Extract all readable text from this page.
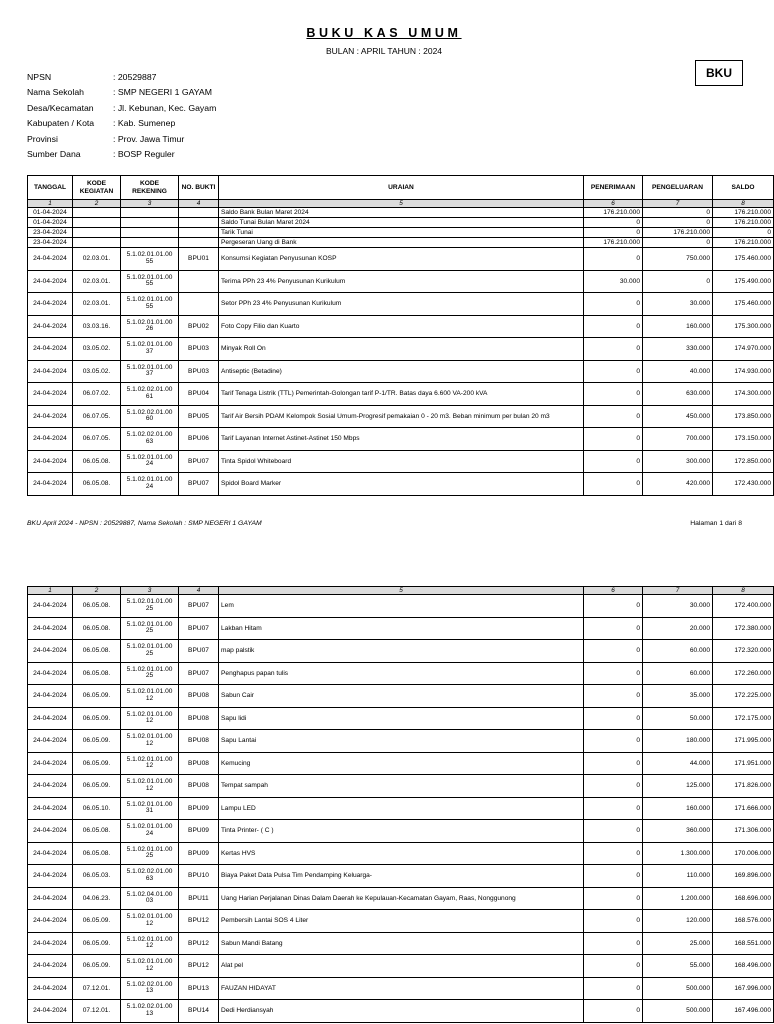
BUKU KAS UMUM
BULAN : APRIL TAHUN : 2024
BKU
NPSN	: 20529887
Nama Sekolah	: SMP NEGERI 1 GAYAM
Desa/Kecamatan	: Jl. Kebunan, Kec. Gayam
Kabupaten / Kota	: Kab. Sumenep
Provinsi	: Prov. Jawa Timur
Sumber Dana	: BOSP Reguler
TANGGAL	KODE KEGIATAN	KODE REKENING	NO. BUKTI	URAIAN	PENERIMAAN	PENGELUARAN	SALDO
1	2	3	4	5	6	7	8
01-04-2024				Saldo Bank Bulan Maret 2024	176.210.000	0	176.210.000
01-04-2024				Saldo Tunai Bulan Maret 2024	0	0	176.210.000
23-04-2024				Tarik Tunai	0	176.210.000	0
23-04-2024				Pergeseran Uang di Bank	176.210.000	0	176.210.000
24-04-2024	02.03.01.	5.1.02.01.01.00
55	BPU01	Konsumsi Kegiatan Penyusunan KOSP	0	750.000	175.460.000
24-04-2024	02.03.01.	5.1.02.01.01.00
55		Terima PPh 23 4% Penyusunan Kurikulum	30.000	0	175.490.000
24-04-2024	02.03.01.	5.1.02.01.01.00
55		Setor PPh 23 4% Penyusunan Kurikulum	0	30.000	175.460.000
24-04-2024	03.03.16.	5.1.02.01.01.00
26	BPU02	Foto Copy Filio dan Kuarto	0	160.000	175.300.000
24-04-2024	03.05.02.	5.1.02.01.01.00
37	BPU03	Minyak Roll On	0	330.000	174.970.000
24-04-2024	03.05.02.	5.1.02.01.01.00
37	BPU03	Antiseptic (Betadine)	0	40.000	174.930.000
24-04-2024	06.07.02.	5.1.02.02.01.00
61	BPU04	Tarif Tenaga Listrik (TTL) Pemerintah-Golongan tarif P-1/TR. Batas daya 6.600 VA-200 kVA	0	630.000	174.300.000
24-04-2024	06.07.05.	5.1.02.02.01.00
60	BPU05	Tarif Air Bersih PDAM Kelompok Sosial Umum-Progresif pemakaian 0 - 20 m3. Beban minimum per bulan 20 m3	0	450.000	173.850.000
24-04-2024	06.07.05.	5.1.02.02.01.00
63	BPU06	Tarif Layanan Internet Astinet-Astinet 150 Mbps	0	700.000	173.150.000
24-04-2024	06.05.08.	5.1.02.01.01.00
24	BPU07	Tinta Spidol Whiteboard	0	300.000	172.850.000
24-04-2024	06.05.08.	5.1.02.01.01.00
24	BPU07	Spidol Board Marker	0	420.000	172.430.000
BKU April 2024 - NPSN : 20529887, Nama Sekolah : SMP NEGERI 1 GAYAM	Halaman 1 dari 8
1	2	3	4	5	6	7	8
24-04-2024	06.05.08.	5.1.02.01.01.00
25	BPU07	Lem	0	30.000	172.400.000
24-04-2024	06.05.08.	5.1.02.01.01.00
25	BPU07	Lakban Hitam	0	20.000	172.380.000
24-04-2024	06.05.08.	5.1.02.01.01.00
25	BPU07	map palstik	0	60.000	172.320.000
24-04-2024	06.05.08.	5.1.02.01.01.00
25	BPU07	Penghapus papan tulis	0	60.000	172.260.000
24-04-2024	06.05.09.	5.1.02.01.01.00
12	BPU08	Sabun Cair	0	35.000	172.225.000
24-04-2024	06.05.09.	5.1.02.01.01.00
12	BPU08	Sapu lidi	0	50.000	172.175.000
24-04-2024	06.05.09.	5.1.02.01.01.00
12	BPU08	Sapu Lantai	0	180.000	171.995.000
24-04-2024	06.05.09.	5.1.02.01.01.00
12	BPU08	Kemucing	0	44.000	171.951.000
24-04-2024	06.05.09.	5.1.02.01.01.00
12	BPU08	Tempat sampah	0	125.000	171.826.000
24-04-2024	06.05.10.	5.1.02.01.01.00
31	BPU09	Lampu LED	0	160.000	171.666.000
24-04-2024	06.05.08.	5.1.02.01.01.00
24	BPU09	Tinta Printer- ( C )	0	360.000	171.306.000
24-04-2024	06.05.08.	5.1.02.01.01.00
25	BPU09	Kertas HVS	0	1.300.000	170.006.000
24-04-2024	06.05.03.	5.1.02.02.01.00
63	BPU10	Biaya Paket Data Pulsa Tim Pendamping Keluarga-	0	110.000	169.896.000
24-04-2024	04.06.23.	5.1.02.04.01.00
03	BPU11	Uang Harian Perjalanan Dinas Dalam Daerah ke Kepulauan-Kecamatan Gayam, Raas, Nonggunong	0	1.200.000	168.696.000
24-04-2024	06.05.09.	5.1.02.01.01.00
12	BPU12	Pembersih Lantai SOS 4 Liter	0	120.000	168.576.000
24-04-2024	06.05.09.	5.1.02.01.01.00
12	BPU12	Sabun Mandi Batang	0	25.000	168.551.000
24-04-2024	06.05.09.	5.1.02.01.01.00
12	BPU12	Alat pel	0	55.000	168.496.000
24-04-2024	07.12.01.	5.1.02.02.01.00
13	BPU13	FAUZAN HIDAYAT	0	500.000	167.996.000
24-04-2024	07.12.01.	5.1.02.02.01.00
13	BPU14	Dedi Herdiansyah	0	500.000	167.496.000
